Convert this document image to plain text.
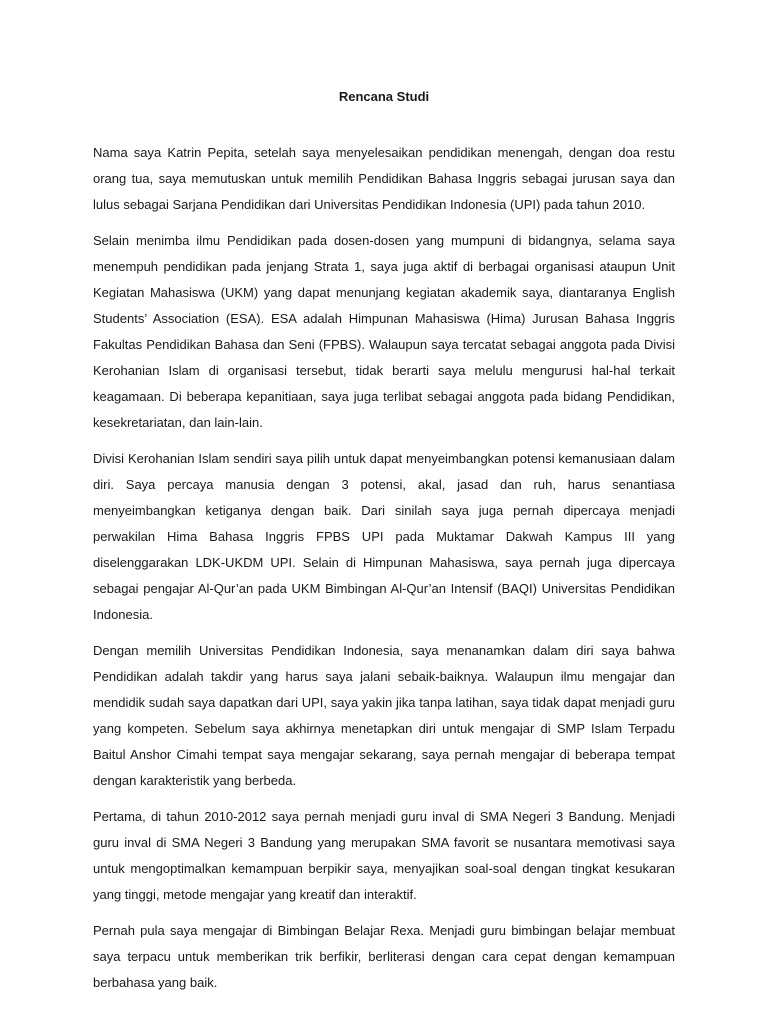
Rencana Studi

Nama saya Katrin Pepita, setelah saya menyelesaikan pendidikan menengah, dengan doa restu orang tua, saya memutuskan untuk memilih Pendidikan Bahasa Inggris sebagai jurusan saya dan lulus sebagai Sarjana Pendidikan dari Universitas Pendidikan Indonesia (UPI) pada tahun 2010.

Selain menimba ilmu Pendidikan pada dosen-dosen yang mumpuni di bidangnya, selama saya menempuh pendidikan pada jenjang Strata 1, saya juga aktif di berbagai organisasi ataupun Unit Kegiatan Mahasiswa (UKM) yang dapat menunjang kegiatan akademik saya, diantaranya English Students’ Association (ESA). ESA adalah Himpunan Mahasiswa (Hima) Jurusan Bahasa Inggris Fakultas Pendidikan Bahasa dan Seni (FPBS). Walaupun saya tercatat sebagai anggota pada Divisi Kerohanian Islam di organisasi tersebut, tidak berarti saya melulu mengurusi hal-hal terkait keagamaan. Di beberapa kepanitiaan, saya juga terlibat sebagai anggota pada bidang Pendidikan, kesekretariatan, dan lain-lain.

Divisi Kerohanian Islam sendiri saya pilih untuk dapat menyeimbangkan potensi kemanusiaan dalam diri. Saya percaya manusia dengan 3 potensi, akal, jasad dan ruh, harus senantiasa menyeimbangkan ketiganya dengan baik. Dari sinilah saya juga pernah dipercaya menjadi perwakilan Hima Bahasa Inggris FPBS UPI pada Muktamar Dakwah Kampus III yang diselenggarakan LDK-UKDM UPI. Selain di Himpunan Mahasiswa, saya pernah juga dipercaya sebagai pengajar Al-Qur’an pada UKM Bimbingan Al-Qur’an Intensif (BAQI) Universitas Pendidikan Indonesia.

Dengan memilih Universitas Pendidikan Indonesia, saya menanamkan dalam diri saya bahwa Pendidikan adalah takdir yang harus saya jalani sebaik-baiknya. Walaupun ilmu mengajar dan mendidik sudah saya dapatkan dari UPI, saya yakin jika tanpa latihan, saya tidak dapat menjadi guru yang kompeten. Sebelum saya akhirnya menetapkan diri untuk mengajar di SMP Islam Terpadu Baitul Anshor Cimahi tempat saya mengajar sekarang, saya pernah mengajar di beberapa tempat dengan karakteristik yang berbeda.

Pertama, di tahun 2010-2012 saya pernah menjadi guru inval di SMA Negeri 3 Bandung. Menjadi guru inval di SMA Negeri 3 Bandung yang merupakan SMA favorit se nusantara memotivasi saya untuk mengoptimalkan kemampuan berpikir saya, menyajikan soal-soal dengan tingkat kesukaran yang tinggi, metode mengajar yang kreatif dan interaktif.

Pernah pula saya mengajar di Bimbingan Belajar Rexa. Menjadi guru bimbingan belajar membuat saya terpacu untuk memberikan trik berfikir, berliterasi dengan cara cepat dengan kemampuan berbahasa yang baik.
